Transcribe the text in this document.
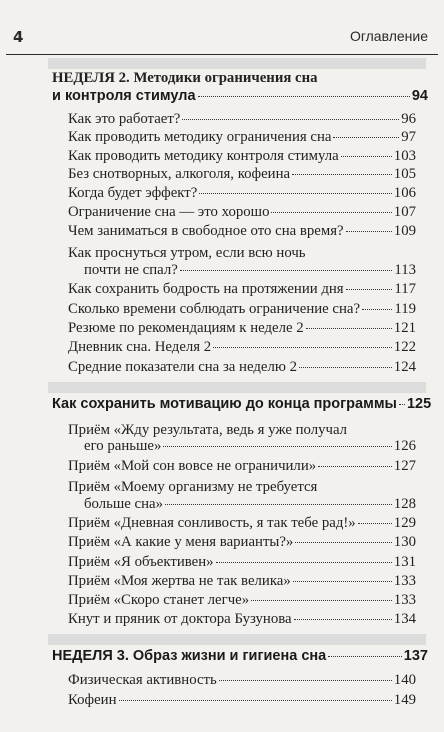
4	Оглавление
НЕДЕЛЯ 2. Методики ограничения сна
и контроля стимула	94
Как это работает?	96
Как проводить методику ограничения сна	97
Как проводить методику контроля стимула	103
Без снотворных, алкоголя, кофеина	105
Когда будет эффект?	106
Ограничение сна — это хорошо	107
Чем заниматься в свободное ото сна время?	109
Как проснуться утром, если всю ночь
почти не спал?	113
Как сохранить бодрость на протяжении дня	117
Сколько времени соблюдать ограничение сна? 119
Резюме по рекомендациям к неделе 2	121
Дневник сна. Неделя 2	122
Средние показатели сна за неделю 2	124
Как сохранить мотивацию до конца программы 125
Приём «Жду результата, ведь я уже получал
его раньше»	126
Приём «Мой сон вовсе не ограничили»	127
Приём «Моему организму не требуется
больше сна»	128
Приём «Дневная сонливость, я так тебе рад!»	129
Приём «А какие у меня варианты?»	130
Приём «Я объективен»	131
Приём «Моя жертва не так велика»	133
Приём «Скоро станет легче»	133
Кнут и пряник от доктора Бузунова	134
НЕДЕЛЯ 3. Образ жизни и гигиена сна	137
Физическая активность	140
Кофеин	149
